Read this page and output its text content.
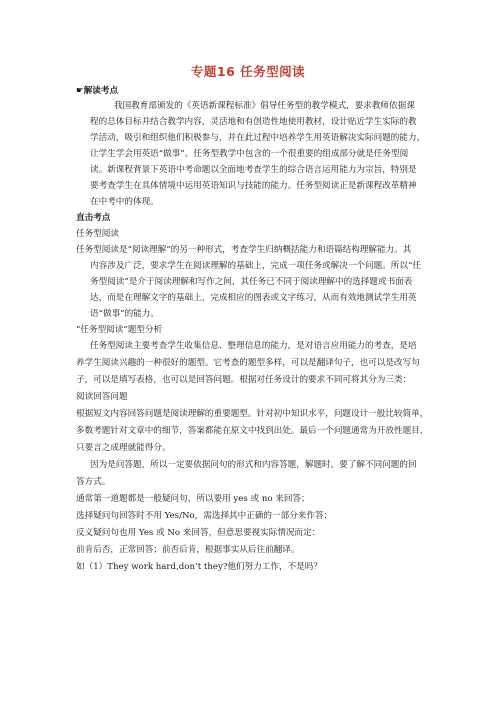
专题16 任务型阅读
☛解读考点
我国教育部颁发的《英语新课程标准》倡导任务型的教学模式，要求教师依据课
程的总体目标并结合教学内容，灵活地和有创造性地使用教材，设计贴近学生实际的教
学活动，吸引和组织他们积极参与，并在此过程中培养学生用英语解决实际问题的能力，
让学生学会用英语“做事”。任务型教学中包含的一个很重要的组成部分就是任务型阅
读。新课程背景下英语中考命题以全面地考查学生的综合语言运用能力为宗旨，特别是
要考查学生在具体情境中运用英语知识与技能的能力。任务型阅读正是新课程改革精神
在中考中的体现。
直击考点
任务型阅读
任务型阅读是“阅读理解”的另一种形式，考查学生归纳概括能力和语篇结构理解能力。其
内容涉及广泛，要求学生在阅读理解的基础上，完成一项任务或解决一个问题。所以“任
务型阅读”是介于阅读理解和写作之间，其任务已不同于阅读理解中的选择题或书面表
达，而是在理解文字的基础上，完成相应的图表或文字练习，从而有效地测试学生用英
语“做事”的能力。
“任务型阅读”题型分析
任务型阅读主要考查学生收集信息、整理信息的能力，是对语言应用能力的考查，是培
养学生阅读兴趣的一种很好的题型。它考查的题型多样，可以是翻译句子，也可以是改写句
子，可以是填写表格，也可以是回答问题。根据对任务设计的要求不同可将其分为三类：
阅读回答问题
根据短文内容回答问题是阅读理解的重要题型。针对初中知识水平，问题设计一般比较简单，
多数考题针对文章中的细节，答案都能在原文中找到出处。最后一个问题通常为开放性题目，
只要言之成理就能得分。
因为是问答题，所以一定要依据问句的形式和内容答题，解题时，要了解不同问题的回
答方式。
通常第一道题都是一般疑问句，所以要用 yes 或 no 来回答；
选择疑问句回答时不用 Yes/No，需选择其中正确的一部分来作答；
反义疑问句也用 Yes 或 No 来回答，但意思要视实际情况而定：
前肯后否，正常回答；前否后肯，根据事实从后往前翻译。
如（1）They work hard,don’t they?他们努力工作，不是吗？
